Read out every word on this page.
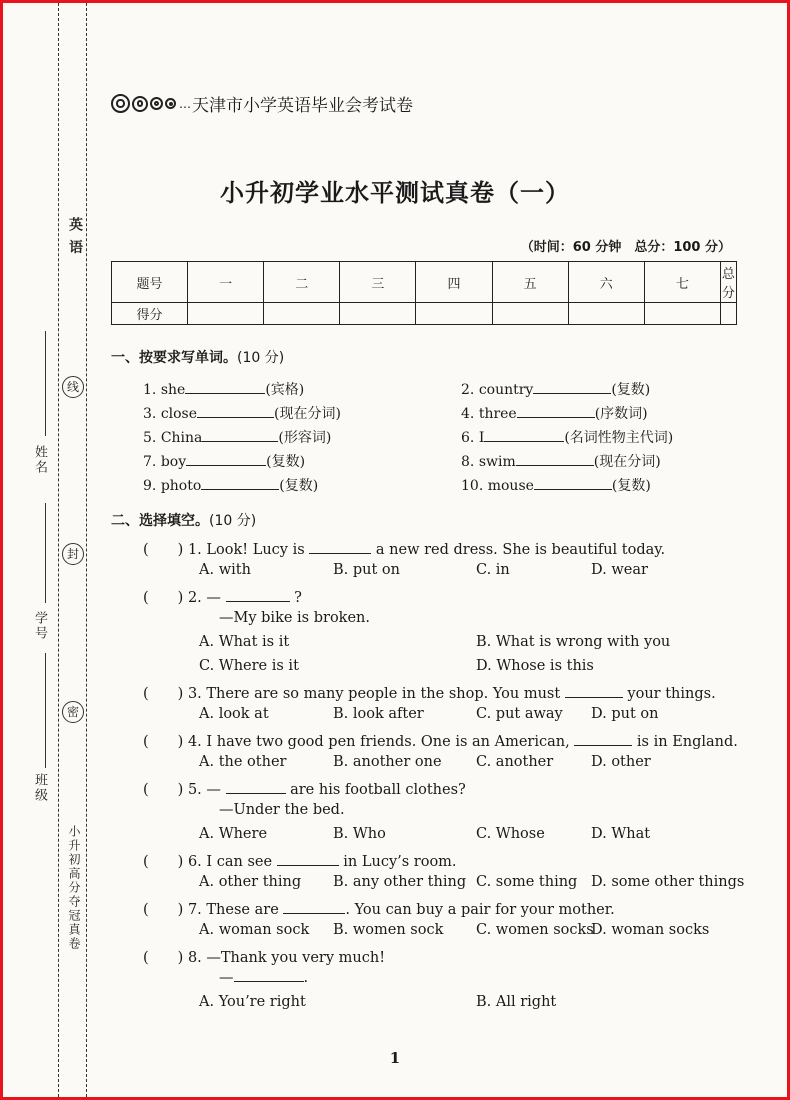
英 语
小升初高分夺冠真卷
线
封
密
姓名
学号
班级
… 天津市小学英语毕业会考试卷
小升初学业水平测试真卷（一）
（时间：60 分钟　总分：100 分）
题号	一	二	三	四	五	六	七	总分
得分								
一、按要求写单词。(10 分)
1. she	(宾格)	2. country	(复数)
3. close	(现在分词)	4. three	(序数词)
5. China	(形容词)	6. I	(名词性物主代词)
7. boy	(复数)	8. swim	(现在分词)
9. photo	(复数)	10. mouse	(复数)
二、选择填空。(10 分)
(　　) 1. Look! Lucy is	a new red dress. She is beautiful today.
A. with	B. put on	C. in	D. wear
(　　) 2. —	?
—My bike is broken.
A. What is it	B. What is wrong with you
C. Where is it	D. Whose is this
(　　) 3. There are so many people in the shop. You must	your things.
A. look at	B. look after	C. put away D. put on
(　　) 4. I have two good pen friends. One is an American,	is in England.
A. the other	B. another one C. another	D. other
(　　) 5. —	are his football clothes?
—Under the bed.
A. Where	B. Who	C. Whose	D. What
(　　) 6. I can see	in Lucy’s room.
A. other thing B. any other thing C. some thing D. some other things
(　　) 7. These are	. You can buy a pair for your mother.
A. woman sock B. women sock C. women socks
D. woman socks
(　　) 8. —Thank you very much!
—	.
A. You’re right	B. All right
1
